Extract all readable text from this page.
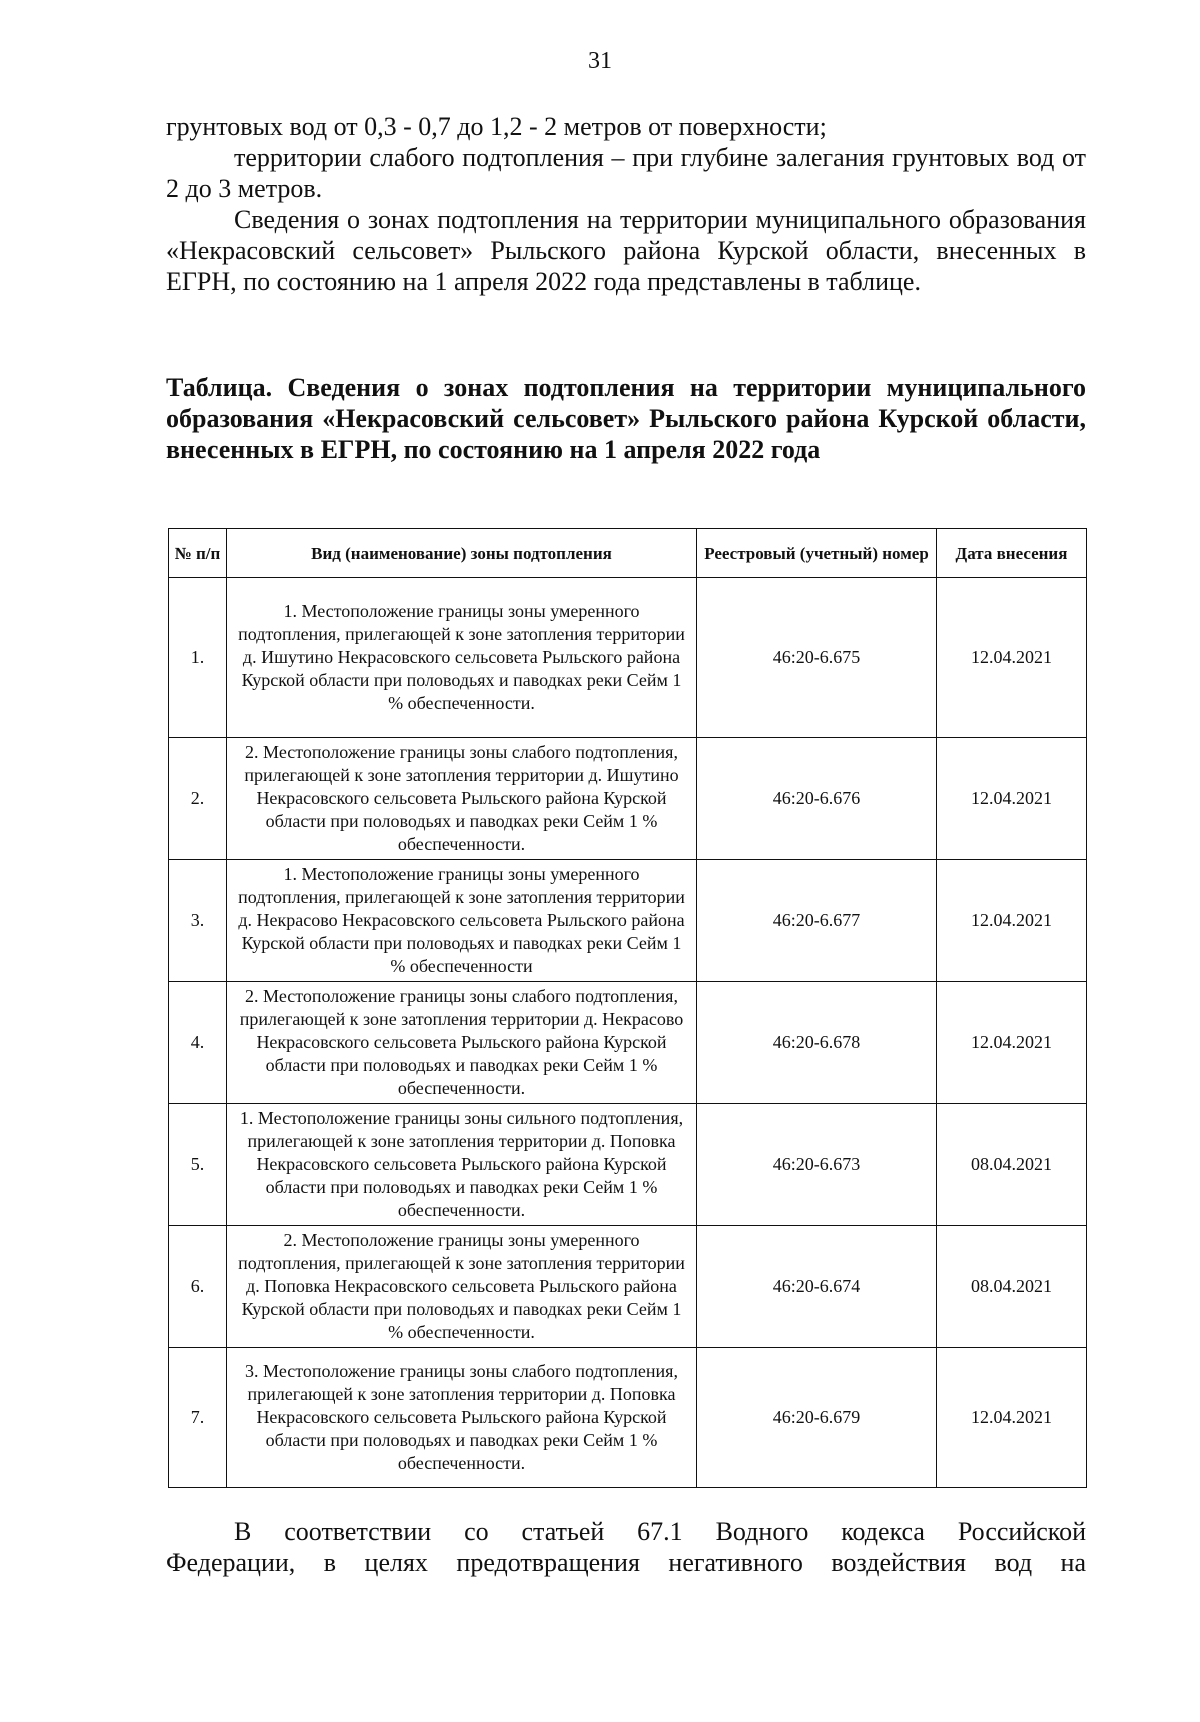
31

грунтовых вод от 0,3 - 0,7 до 1,2 - 2 метров от поверхности;

территории слабого подтопления – при глубине залегания грунтовых вод от 2 до 3 метров.

Сведения о зонах подтопления на территории муниципального образования «Некрасовский сельсовет» Рыльского района Курской области, внесенных в ЕГРН, по состоянию на 1 апреля 2022 года представлены в таблице.

Таблица. Сведения о зонах подтопления на территории муниципального образования «Некрасовский сельсовет» Рыльского района Курской области, внесенных в ЕГРН, по состоянию на 1 апреля 2022 года

№ п/п	Вид (наименование) зоны подтопления	Реестровый (учетный) номер	Дата внесения
1.	1. Местоположение границы зоны умеренного подтопления, прилегающей к зоне затопления территории д. Ишутино Некрасовского сельсовета Рыльского района Курской области при половодьях и паводках реки Сейм 1 % обеспеченности.	46:20-6.675	12.04.2021
2.	2. Местоположение границы зоны слабого подтопления, прилегающей к зоне затопления территории д. Ишутино Некрасовского сельсовета Рыльского района Курской области при половодьях и паводках реки Сейм 1 % обеспеченности.	46:20-6.676	12.04.2021
3.	1. Местоположение границы зоны умеренного подтопления, прилегающей к зоне затопления территории д. Некрасово Некрасовского сельсовета Рыльского района Курской области при половодьях и паводках реки Сейм 1 % обеспеченности	46:20-6.677	12.04.2021
4.	2. Местоположение границы зоны слабого подтопления, прилегающей к зоне затопления территории д. Некрасово Некрасовского сельсовета Рыльского района Курской области при половодьях и паводках реки Сейм 1 % обеспеченности.	46:20-6.678	12.04.2021
5.	1. Местоположение границы зоны сильного подтопления, прилегающей к зоне затопления территории д. Поповка Некрасовского сельсовета Рыльского района Курской области при половодьях и паводках реки Сейм 1 % обеспеченности.	46:20-6.673	08.04.2021
6.	2. Местоположение границы зоны умеренного подтопления, прилегающей к зоне затопления территории д. Поповка Некрасовского сельсовета Рыльского района Курской области при половодьях и паводках реки Сейм 1 % обеспеченности.	46:20-6.674	08.04.2021
7.	3. Местоположение границы зоны слабого подтопления, прилегающей к зоне затопления территории д. Поповка Некрасовского сельсовета Рыльского района Курской области при половодьях и паводках реки Сейм 1 % обеспеченности.	46:20-6.679	12.04.2021

В соответствии со статьей 67.1 Водного кодекса Российской

Федерации, в целях предотвращения негативного воздействия вод на
